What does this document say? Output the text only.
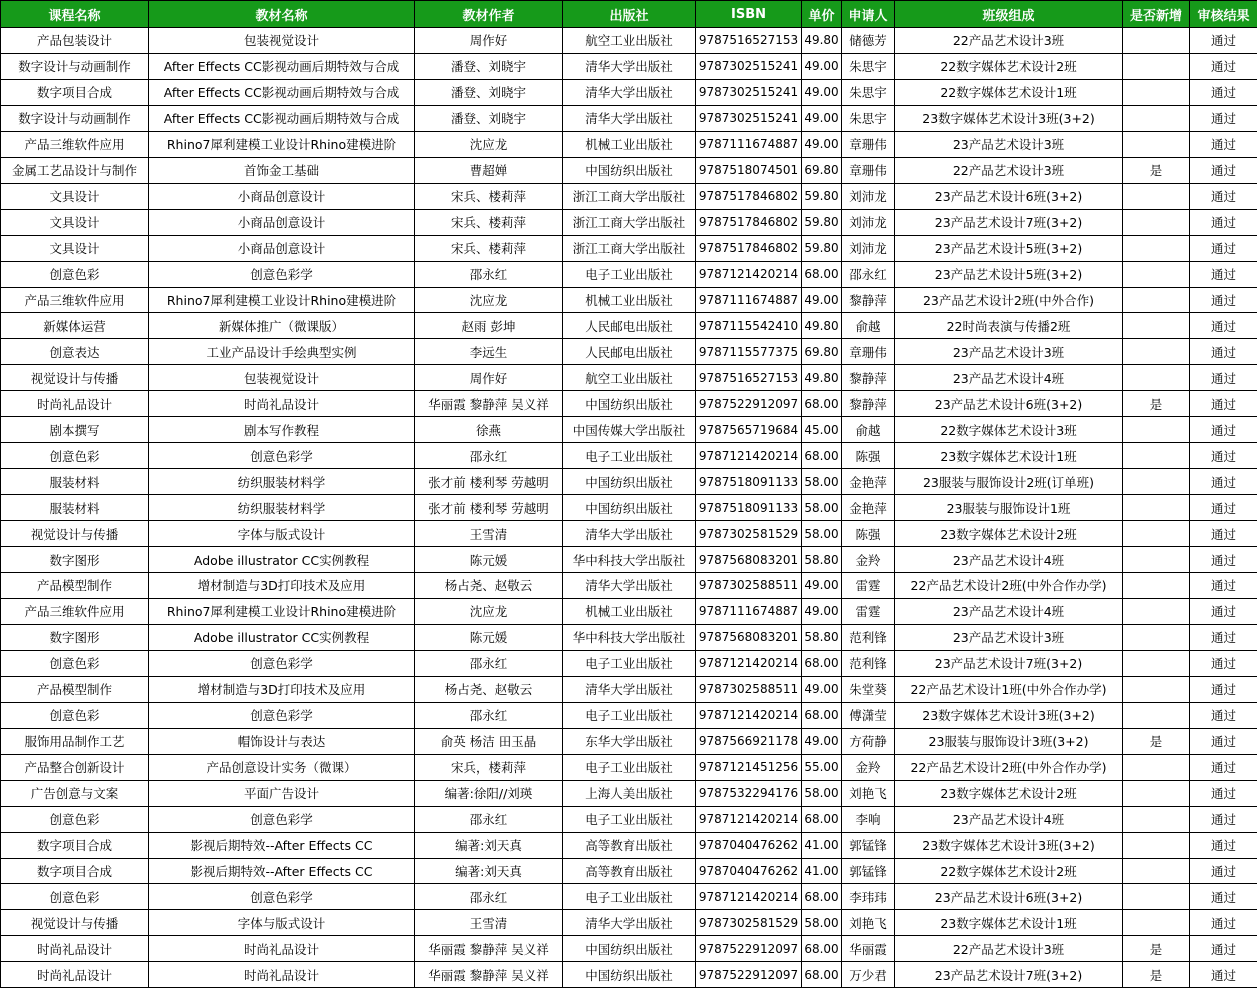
课程名称	教材名称	教材作者	出版社	ISBN	单价	申请人	班级组成	是否新增	审核结果
产品包装设计	包装视觉设计	周作好	航空工业出版社	9787516527153	49.80	储德芳	22产品艺术设计3班		通过
数字设计与动画制作	After Effects CC影视动画后期特效与合成	潘登、刘晓宇	清华大学出版社	9787302515241	49.00	朱思宇	22数字媒体艺术设计2班		通过
数字项目合成	After Effects CC影视动画后期特效与合成	潘登、刘晓宇	清华大学出版社	9787302515241	49.00	朱思宇	22数字媒体艺术设计1班		通过
数字设计与动画制作	After Effects CC影视动画后期特效与合成	潘登、刘晓宇	清华大学出版社	9787302515241	49.00	朱思宇	23数字媒体艺术设计3班(3+2)		通过
产品三维软件应用	Rhino7犀利建模工业设计Rhino建模进阶	沈应龙	机械工业出版社	9787111674887	49.00	章珊伟	23产品艺术设计3班		通过
金属工艺品设计与制作	首饰金工基础	曹超婵	中国纺织出版社	9787518074501	69.80	章珊伟	22产品艺术设计3班	是	通过
文具设计	小商品创意设计	宋兵、楼莉萍	浙江工商大学出版社	9787517846802	59.80	刘沛龙	23产品艺术设计6班(3+2)		通过
文具设计	小商品创意设计	宋兵、楼莉萍	浙江工商大学出版社	9787517846802	59.80	刘沛龙	23产品艺术设计7班(3+2)		通过
文具设计	小商品创意设计	宋兵、楼莉萍	浙江工商大学出版社	9787517846802	59.80	刘沛龙	23产品艺术设计5班(3+2)		通过
创意色彩	创意色彩学	邵永红	电子工业出版社	9787121420214	68.00	邵永红	23产品艺术设计5班(3+2)		通过
产品三维软件应用	Rhino7犀利建模工业设计Rhino建模进阶	沈应龙	机械工业出版社	9787111674887	49.00	黎静萍	23产品艺术设计2班(中外合作)		通过
新媒体运营	新媒体推广（微课版）	赵雨 彭坤	人民邮电出版社	9787115542410	49.80	俞越	22时尚表演与传播2班		通过
创意表达	工业产品设计手绘典型实例	李远生	人民邮电出版社	9787115577375	69.80	章珊伟	23产品艺术设计3班		通过
视觉设计与传播	包装视觉设计	周作好	航空工业出版社	9787516527153	49.80	黎静萍	23产品艺术设计4班		通过
时尚礼品设计	时尚礼品设计	华丽霞 黎静萍 吴义祥	中国纺织出版社	9787522912097	68.00	黎静萍	23产品艺术设计6班(3+2)	是	通过
剧本撰写	剧本写作教程	徐燕	中国传媒大学出版社	9787565719684	45.00	俞越	22数字媒体艺术设计3班		通过
创意色彩	创意色彩学	邵永红	电子工业出版社	9787121420214	68.00	陈强	23数字媒体艺术设计1班		通过
服装材料	纺织服装材料学	张才前 楼利琴 劳越明	中国纺织出版社	9787518091133	58.00	金艳萍	23服装与服饰设计2班(订单班)		通过
服装材料	纺织服装材料学	张才前 楼利琴 劳越明	中国纺织出版社	9787518091133	58.00	金艳萍	23服装与服饰设计1班		通过
视觉设计与传播	字体与版式设计	王雪清	清华大学出版社	9787302581529	58.00	陈强	23数字媒体艺术设计2班		通过
数字图形	Adobe illustrator CC实例教程	陈元媛	华中科技大学出版社	9787568083201	58.80	金羚	23产品艺术设计4班		通过
产品模型制作	增材制造与3D打印技术及应用	杨占尧、赵敬云	清华大学出版社	9787302588511	49.00	雷霆	22产品艺术设计2班(中外合作办学)		通过
产品三维软件应用	Rhino7犀利建模工业设计Rhino建模进阶	沈应龙	机械工业出版社	9787111674887	49.00	雷霆	23产品艺术设计4班		通过
数字图形	Adobe illustrator CC实例教程	陈元媛	华中科技大学出版社	9787568083201	58.80	范利锋	23产品艺术设计3班		通过
创意色彩	创意色彩学	邵永红	电子工业出版社	9787121420214	68.00	范利锋	23产品艺术设计7班(3+2)		通过
产品模型制作	增材制造与3D打印技术及应用	杨占尧、赵敬云	清华大学出版社	9787302588511	49.00	朱堂葵	22产品艺术设计1班(中外合作办学)		通过
创意色彩	创意色彩学	邵永红	电子工业出版社	9787121420214	68.00	傅潇莹	23数字媒体艺术设计3班(3+2)		通过
服饰用品制作工艺	帽饰设计与表达	俞英 杨洁 田玉晶	东华大学出版社	9787566921178	49.00	方荷静	23服装与服饰设计3班(3+2)	是	通过
产品整合创新设计	产品创意设计实务（微课）	宋兵，楼莉萍	电子工业出版社	9787121451256	55.00	金羚	22产品艺术设计2班(中外合作办学)		通过
广告创意与文案	平面广告设计	编著:徐阳//刘瑛	上海人美出版社	9787532294176	58.00	刘艳飞	23数字媒体艺术设计2班		通过
创意色彩	创意色彩学	邵永红	电子工业出版社	9787121420214	68.00	李响	23产品艺术设计4班		通过
数字项目合成	影视后期特效--After Effects CC	编著:刘天真	高等教育出版社	9787040476262	41.00	郭锰锋	23数字媒体艺术设计3班(3+2)		通过
数字项目合成	影视后期特效--After Effects CC	编著:刘天真	高等教育出版社	9787040476262	41.00	郭锰锋	22数字媒体艺术设计2班		通过
创意色彩	创意色彩学	邵永红	电子工业出版社	9787121420214	68.00	李玮玮	23产品艺术设计6班(3+2)		通过
视觉设计与传播	字体与版式设计	王雪清	清华大学出版社	9787302581529	58.00	刘艳飞	23数字媒体艺术设计1班		通过
时尚礼品设计	时尚礼品设计	华丽霞 黎静萍 吴义祥	中国纺织出版社	9787522912097	68.00	华丽霞	22产品艺术设计3班	是	通过
时尚礼品设计	时尚礼品设计	华丽霞 黎静萍 吴义祥	中国纺织出版社	9787522912097	68.00	万少君	23产品艺术设计7班(3+2)	是	通过
